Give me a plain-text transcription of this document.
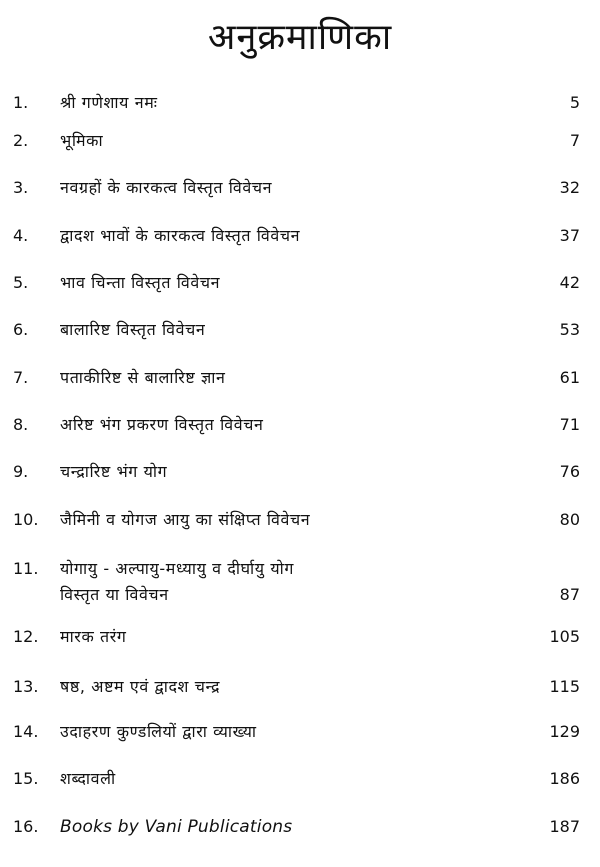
अनुक्रमाणिका
1. श्री गणेशाय नमः	5
2. भूमिका	7
3. नवग्रहों के कारकत्व विस्तृत विवेचन	32
4. द्वादश भावों के कारकत्व विस्तृत विवेचन	37
5. भाव चिन्ता विस्तृत विवेचन	42
6. बालारिष्ट विस्तृत विवेचन	53
7. पताकीरिष्ट से बालारिष्ट ज्ञान	61
8. अरिष्ट भंग प्रकरण विस्तृत विवेचन	71
9. चन्द्रारिष्ट भंग योग	76
10. जैमिनी व योगज आयु का संक्षिप्त विवेचन	80
11. योगायु - अल्पायु-मध्यायु व दीर्घायु योग
विस्तृत या विवेचन	87
12. मारक तरंग	105
13. षष्ठ, अष्टम एवं द्वादश चन्द्र	115
14. उदाहरण कुण्डलियों द्वारा व्याख्या	129
15. शब्दावली	186
16. Books by Vani Publications	187
